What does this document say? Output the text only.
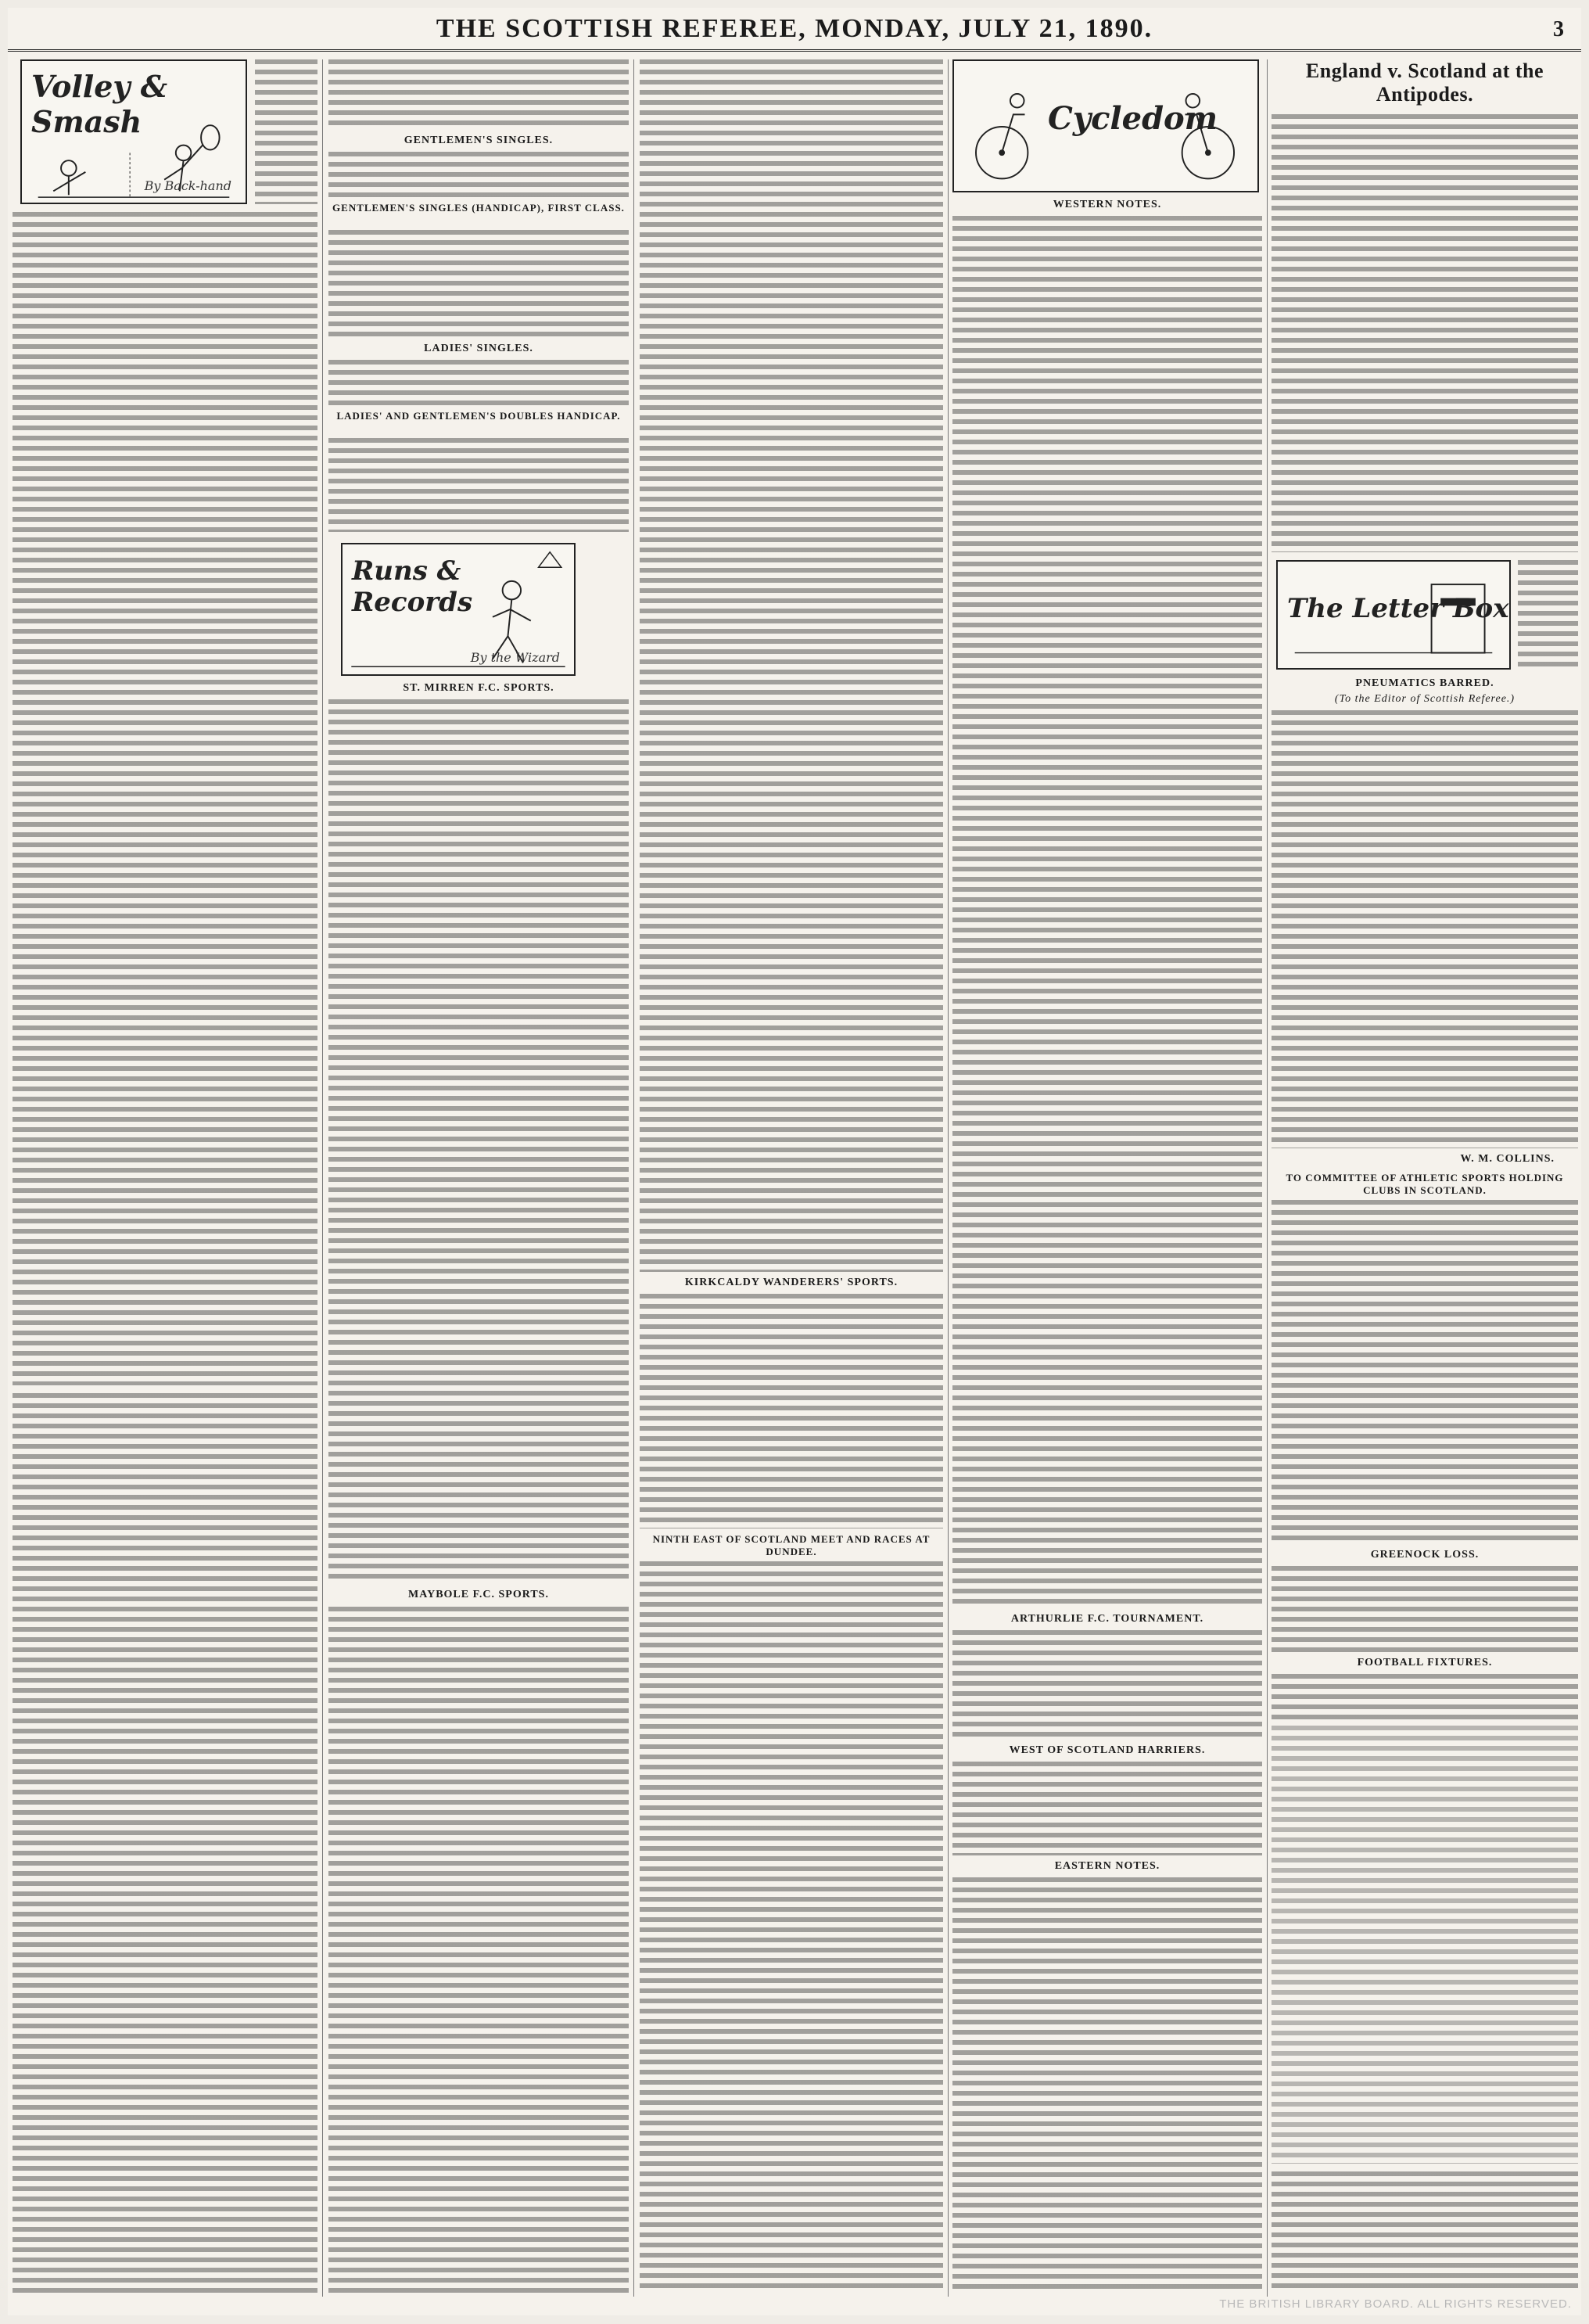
THE SCOTTISH REFEREE, MONDAY, JULY 21, 1890.	3
Volley & Smash
By Back-hand
GENTLEMEN'S SINGLES.
GENTLEMEN'S SINGLES (HANDICAP), FIRST CLASS.
LADIES' SINGLES.
LADIES' AND GENTLEMEN'S DOUBLES HANDICAP.
Runs & Records
By the Wizard
ST. MIRREN F.C. SPORTS.
MAYBOLE F.C. SPORTS.
KIRKCALDY WANDERERS' SPORTS.
NINTH EAST OF SCOTLAND MEET AND RACES AT DUNDEE.
Cycledom
WESTERN NOTES.
ARTHURLIE F.C. TOURNAMENT.
WEST OF SCOTLAND HARRIERS.
EASTERN NOTES.
England v. Scotland at the Antipodes.
The Letter Box
PNEUMATICS BARRED.
(To the Editor of Scottish Referee.)
W. M. COLLINS.
TO COMMITTEE OF ATHLETIC SPORTS HOLDING CLUBS IN SCOTLAND.
GREENOCK LOSS.
FOOTBALL FIXTURES.
THE BRITISH LIBRARY BOARD. ALL RIGHTS RESERVED.
